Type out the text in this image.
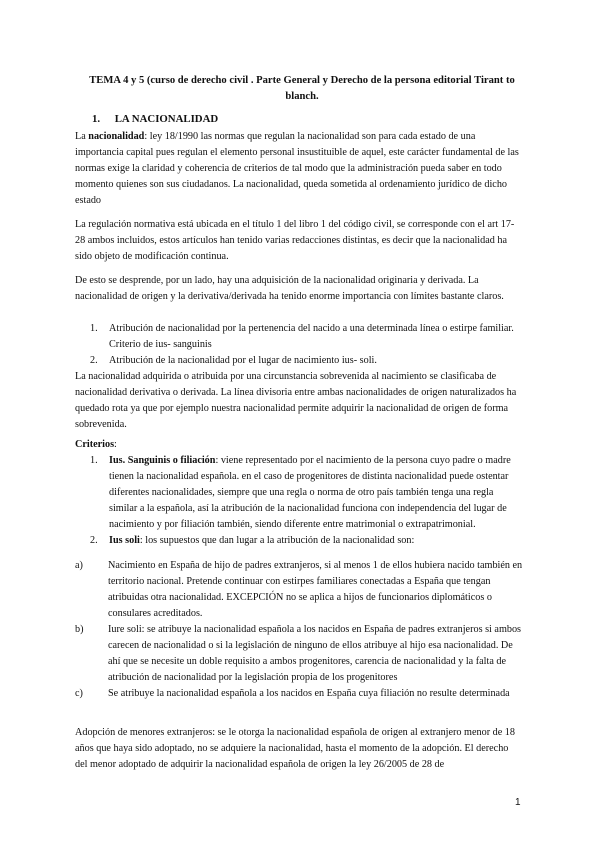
TEMA 4 y 5 (curso de derecho civil . Parte General y Derecho de la persona editorial Tirant to blanch.
1. LA NACIONALIDAD
La nacionalidad: ley 18/1990 las normas que regulan la nacionalidad son para cada estado de una importancia capital pues regulan el elemento personal insustituible de aquel, este carácter fundamental de las normas exige la claridad y coherencia de criterios de tal modo que la administración pueda saber en todo momento quienes son sus ciudadanos. La nacionalidad, queda sometida al ordenamiento jurídico de dicho estado
La regulación normativa está ubicada en el título 1 del libro 1 del código civil, se corresponde con el art 17-28 ambos incluidos, estos artículos han tenido varias redacciones distintas, es decir que la nacionalidad ha sido objeto de modificación continua.
De esto se desprende, por un lado, hay una adquisición de la nacionalidad originaria y derivada. La nacionalidad de origen y la derivativa/derivada ha tenido enorme importancia con límites bastante claros.
1. Atribución de nacionalidad por la pertenencia del nacido a una determinada línea o estirpe familiar. Criterio de ius- sanguinis
2. Atribución de la nacionalidad por el lugar de nacimiento ius- soli.
La nacionalidad adquirida o atribuida por una circunstancia sobrevenida al nacimiento se clasificaba de nacionalidad derivativa o derivada. La línea divisoria entre ambas nacionalidades de origen naturalizados ha quedado rota ya que por ejemplo nuestra nacionalidad permite adquirir la nacionalidad de origen de forma sobrevenida.
Criterios:
1. Ius. Sanguinis o filiación: viene representado por el nacimiento de la persona cuyo padre o madre tienen la nacionalidad española. en el caso de progenitores de distinta nacionalidad puede ostentar diferentes nacionalidades, siempre que una regla o norma de otro país también tenga una regla similar a la española, así la atribución de la nacionalidad funciona con independencia del lugar de nacimiento y por filiación también, siendo diferente entre matrimonial o extrapatrimonial.
2. Ius soli: los supuestos que dan lugar a la atribución de la nacionalidad son:
a) Nacimiento en España de hijo de padres extranjeros, si al menos 1 de ellos hubiera nacido también en territorio nacional. Pretende continuar con estirpes familiares conectadas a España que tengan atribuidas otra nacionalidad. EXCEPCIÓN no se aplica a hijos de funcionarios diplomáticos o consulares acreditados.
b) Iure soli: se atribuye la nacionalidad española a los nacidos en España de padres extranjeros si ambos carecen de nacionalidad o si la legislación de ninguno de ellos atribuye al hijo esa nacionalidad. De ahí que se necesite un doble requisito a ambos progenitores, carencia de nacionalidad y la falta de atribución de nacionalidad por la legislación propia de los progenitores
c) Se atribuye la nacionalidad española a los nacidos en España cuya filiación no resulte determinada
Adopción de menores extranjeros: se le otorga la nacionalidad española de origen al extranjero menor de 18 años que haya sido adoptado, no se adquiere la nacionalidad, hasta el momento de la adopción. El derecho del menor adoptado de adquirir la nacionalidad española de origen la ley 26/2005 de 28 de
1
